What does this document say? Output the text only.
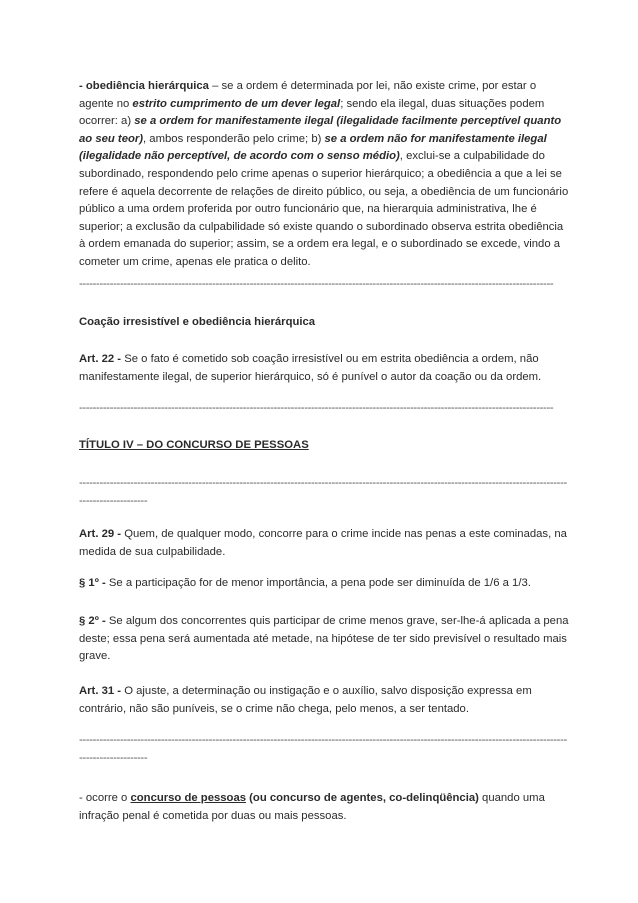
- obediência hierárquica – se a ordem é determinada por lei, não existe crime, por estar o agente no estrito cumprimento de um dever legal; sendo ela ilegal, duas situações podem ocorrer: a) se a ordem for manifestamente ilegal (ilegalidade facilmente perceptível quanto ao seu teor), ambos responderão pelo crime; b) se a ordem não for manifestamente ilegal (ilegalidade não perceptível, de acordo com o senso médio), exclui-se a culpabilidade do subordinado, respondendo pelo crime apenas o superior hierárquico; a obediência a que a lei se refere é aquela decorrente de relações de direito público, ou seja, a obediência de um funcionário público a uma ordem proferida por outro funcionário que, na hierarquia administrativa, lhe é superior; a exclusão da culpabilidade só existe quando o subordinado observa estrita obediência à ordem emanada do superior; assim, se a ordem era legal, e o subordinado se excede, vindo a cometer um crime, apenas ele pratica o delito.

-------------------------------------------------------------------------------------------------------------------------------------------

Coação irresistível e obediência hierárquica

Art. 22 - Se o fato é cometido sob coação irresistível ou em estrita obediência a ordem, não manifestamente ilegal, de superior hierárquico, só é punível o autor da coação ou da ordem.

-------------------------------------------------------------------------------------------------------------------------------------------

TÍTULO IV – DO CONCURSO DE PESSOAS

-------------------------------------------------------------------------------------------------------------------------------------------------------------------

Art. 29 - Quem, de qualquer modo, concorre para o crime incide nas penas a este cominadas, na medida de sua culpabilidade.

§ 1º - Se a participação for de menor importância, a pena pode ser diminuída de 1/6 a 1/3.

§ 2º - Se algum dos concorrentes quis participar de crime menos grave, ser-lhe-á aplicada a pena deste; essa pena será aumentada até metade, na hipótese de ter sido previsível o resultado mais grave.

Art. 31 - O ajuste, a determinação ou instigação e o auxílio, salvo disposição expressa em contrário, não são puníveis, se o crime não chega, pelo menos, a ser tentado.

-------------------------------------------------------------------------------------------------------------------------------------------------------------------

- ocorre o concurso de pessoas (ou concurso de agentes, co-delinqüência) quando uma infração penal é cometida por duas ou mais pessoas.
